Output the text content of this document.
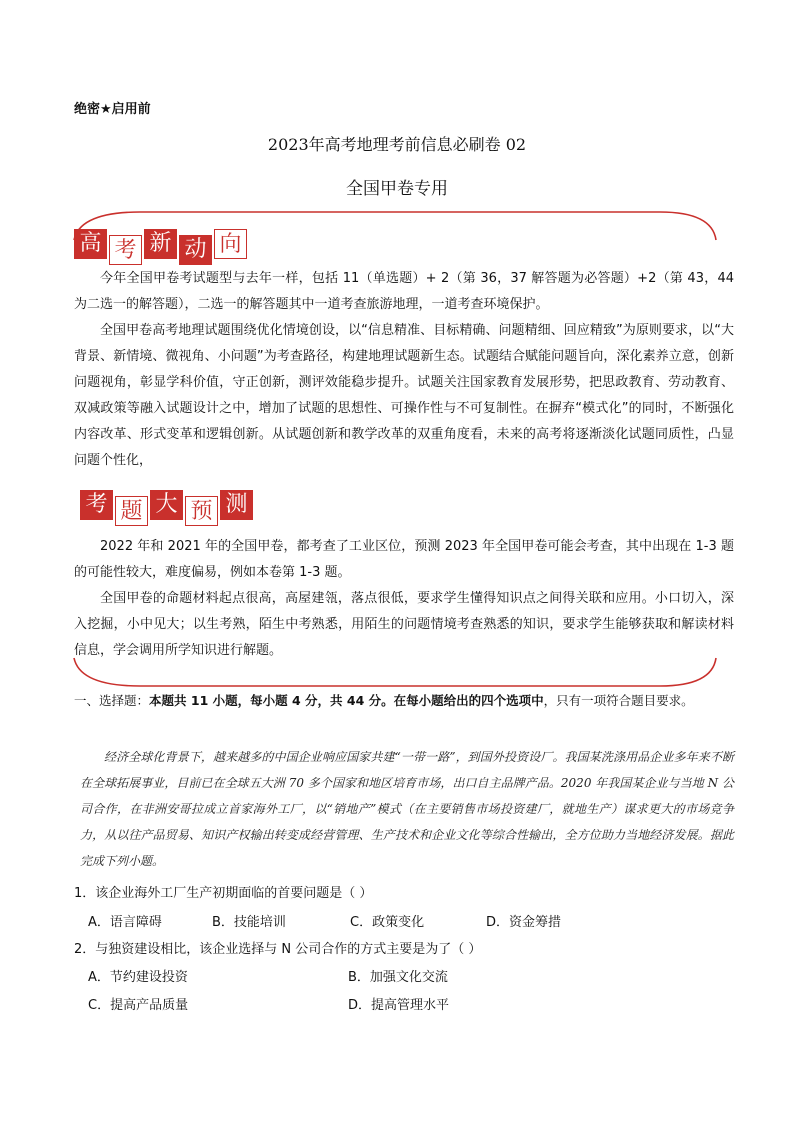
绝密★启用前
2023年高考地理考前信息必刷卷 02
全国甲卷专用
高 考 新 动 向

今年全国甲卷考试题型与去年一样，包括 11（单选题）+ 2（第 36，37 解答题为必答题）+2（第 43，44 为二选一的解答题），二选一的解答题其中一道考查旅游地理，一道考查环境保护。

全国甲卷高考地理试题围绕优化情境创设，以“信息精准、目标精确、问题精细、回应精致”为原则要求，以“大背景、新情境、微视角、小问题”为考查路径，构建地理试题新生态。试题结合赋能问题旨向，深化素养立意，创新问题视角，彰显学科价值，守正创新，测评效能稳步提升。试题关注国家教育发展形势，把思政教育、劳动教育、双减政策等融入试题设计之中，增加了试题的思想性、可操作性与不可复制性。在摒弃“模式化”的同时，不断强化内容改革、形式变革和逻辑创新。从试题创新和教学改革的双重角度看，未来的高考将逐渐淡化试题同质性，凸显问题个性化，

考 题 大 预 测

2022 年和 2021 年的全国甲卷，都考查了工业区位，预测 2023 年全国甲卷可能会考查，其中出现在 1-3 题的可能性较大，难度偏易，例如本卷第 1-3 题。

全国甲卷的命题材料起点很高，高屋建瓴，落点很低，要求学生懂得知识点之间得关联和应用。小口切入，深入挖掘，小中见大；以生考熟，陌生中考熟悉，用陌生的问题情境考查熟悉的知识，要求学生能够获取和解读材料信息，学会调用所学知识进行解题。

一、选择题：本题共 11 小题，每小题 4 分，共 44 分。在每小题给出的四个选项中，只有一项符合题目要求。

经济全球化背景下，越来越多的中国企业响应国家共建“一带一路”，到国外投资设厂。我国某洗涤用品企业多年来不断在全球拓展事业，目前已在全球五大洲 70 多个国家和地区培育市场，出口自主品牌产品。2020 年我国某企业与当地 N 公司合作，在非洲安哥拉成立首家海外工厂，以“销地产”模式（在主要销售市场投资建厂，就地生产）谋求更大的市场竞争力，从以往产品贸易、知识产权输出转变成经营管理、生产技术和企业文化等综合性输出，全方位助力当地经济发展。据此完成下列小题。

1．该企业海外工厂生产初期面临的首要问题是（ ）
A．语言障碍	B．技能培训	C．政策变化	D．资金筹措
2．与独资建设相比，该企业选择与 N 公司合作的方式主要是为了（ ）
A．节约建设投资	B．加强文化交流
C．提高产品质量	D．提高管理水平
